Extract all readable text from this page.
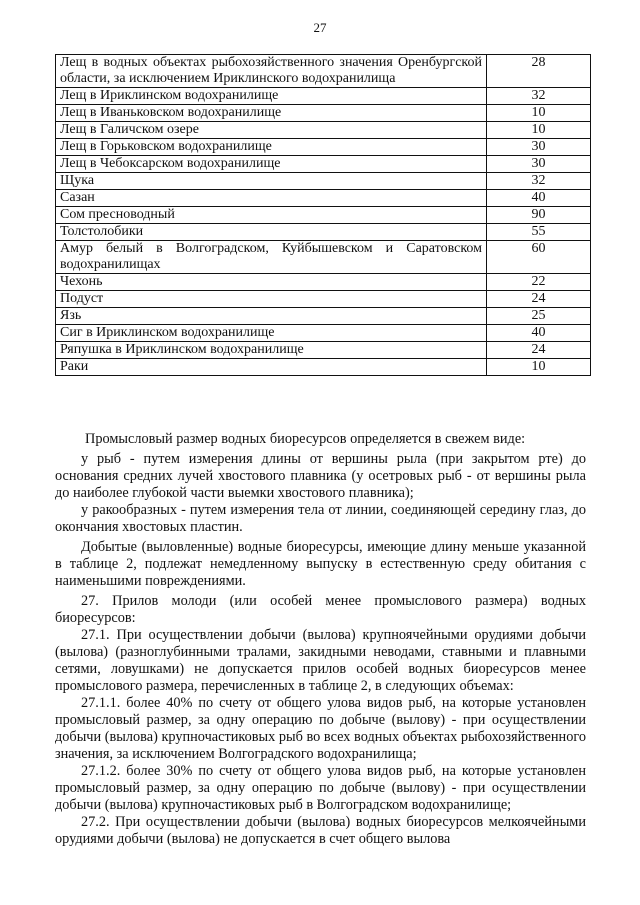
27
Лещ в водных объектах рыбохозяйственного значения Оренбургской области, за исключением Ириклинского водохранилища	28
Лещ в Ириклинском водохранилище	32
Лещ в Иваньковском водохранилище	10
Лещ в Галичском озере	10
Лещ в Горьковском водохранилище	30
Лещ в Чебоксарском водохранилище	30
Щука	32
Сазан	40
Сом пресноводный	90
Толстолобики	55
Амур белый в Волгоградском, Куйбышевском и Саратовском водохранилищах	60
Чехонь	22
Подуст	24
Язь	25
Сиг в Ириклинском водохранилище	40
Ряпушка в Ириклинском водохранилище	24
Раки	10

Промысловый размер водных биоресурсов определяется в свежем виде:

у рыб - путем измерения длины от вершины рыла (при закрытом рте) до основания средних лучей хвостового плавника (у осетровых рыб - от вершины рыла до наиболее глубокой части выемки хвостового плавника);

у ракообразных - путем измерения тела от линии, соединяющей середину глаз, до окончания хвостовых пластин.

Добытые (выловленные) водные биоресурсы, имеющие длину меньше указанной в таблице 2, подлежат немедленному выпуску в естественную среду обитания с наименьшими повреждениями.

27. Прилов молоди (или особей менее промыслового размера) водных биоресурсов:

27.1. При осуществлении добычи (вылова) крупноячейными орудиями добычи (вылова) (разноглубинными тралами, закидными неводами, ставными и плавными сетями, ловушками) не допускается прилов особей водных биоресурсов менее промыслового размера, перечисленных в таблице 2, в следующих объемах:

27.1.1. более 40% по счету от общего улова видов рыб, на которые установлен промысловый размер, за одну операцию по добыче (вылову) - при осуществлении добычи (вылова) крупночастиковых рыб во всех водных объектах рыбохозяйственного значения, за исключением Волгоградского водохранилища;

27.1.2. более 30% по счету от общего улова видов рыб, на которые установлен промысловый размер, за одну операцию по добыче (вылову) - при осуществлении добычи (вылова) крупночастиковых рыб в Волгоградском водохранилище;

27.2. При осуществлении добычи (вылова) водных биоресурсов мелкоячейными орудиями добычи (вылова) не допускается в счет общего вылова
